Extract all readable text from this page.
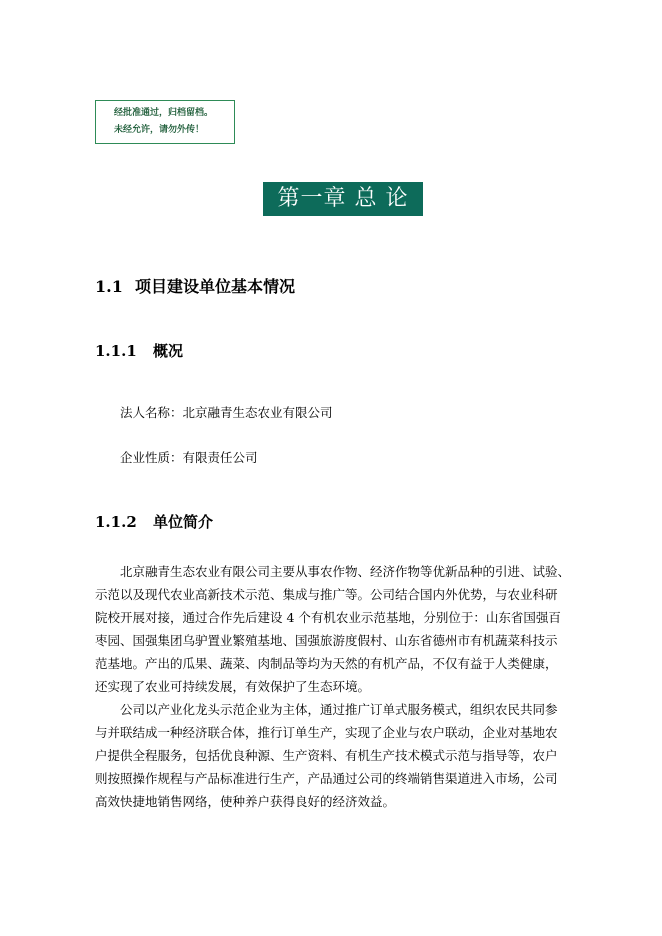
经批准通过，归档留档。
未经允许，请勿外传！
第一章 总 论
1.1 项目建设单位基本情况
1.1.1 概况
法人名称：北京融青生态农业有限公司
企业性质：有限责任公司
1.1.2 单位简介
北京融青生态农业有限公司主要从事农作物、经济作物等优新品种的引进、试验、
示范以及现代农业高新技术示范、集成与推广等。公司结合国内外优势，与农业科研
院校开展对接，通过合作先后建设 4 个有机农业示范基地，分别位于：山东省国强百
枣园、国强集团乌驴置业繁殖基地、国强旅游度假村、山东省德州市有机蔬菜科技示
范基地。产出的瓜果、蔬菜、肉制品等均为天然的有机产品，不仅有益于人类健康，
还实现了农业可持续发展，有效保护了生态环境。
公司以产业化龙头示范企业为主体，通过推广订单式服务模式，组织农民共同参
与并联结成一种经济联合体，推行订单生产，实现了企业与农户联动，企业对基地农
户提供全程服务，包括优良种源、生产资料、有机生产技术模式示范与指导等，农户
则按照操作规程与产品标准进行生产，产品通过公司的终端销售渠道进入市场，公司
高效快捷地销售网络，使种养户获得良好的经济效益。
